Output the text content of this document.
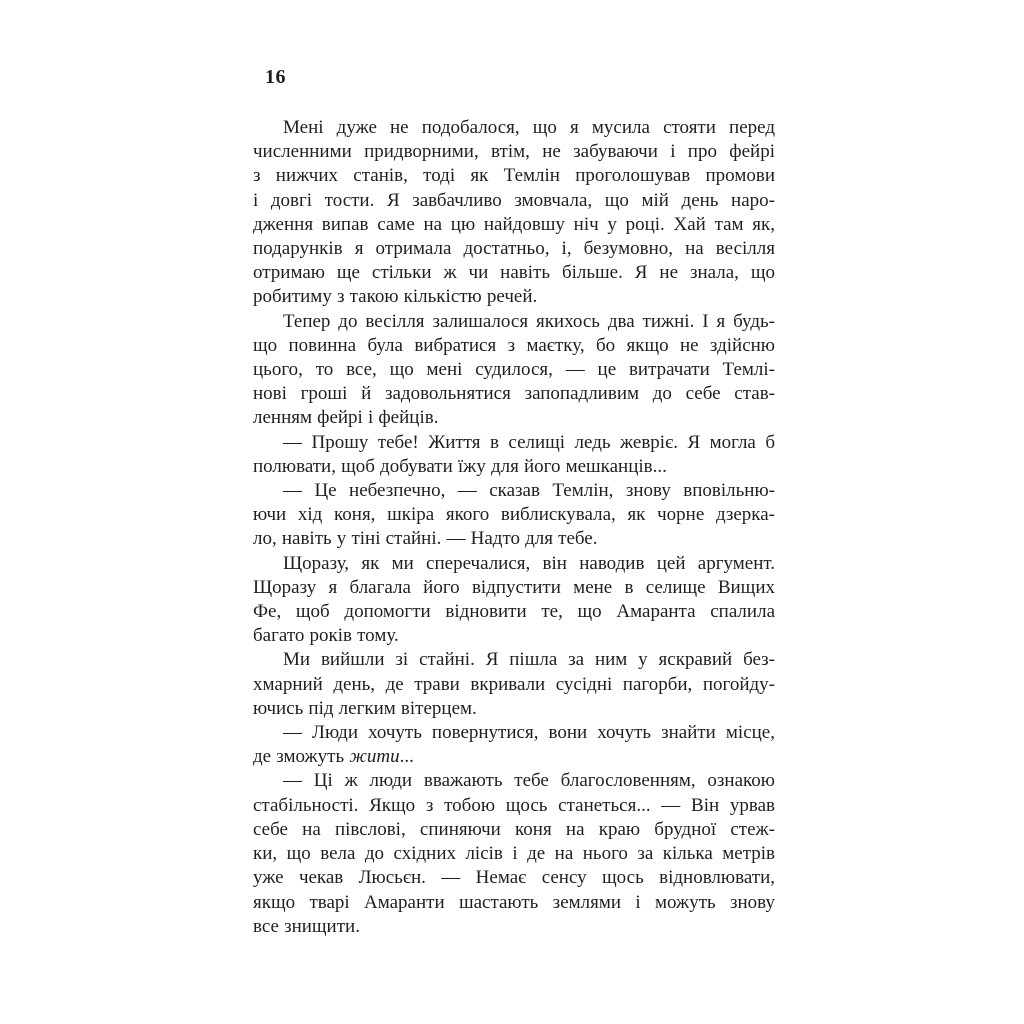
16
Мені дуже не подобалося, що я мусила стояти перед
численними придворними, втім, не забуваючи і про фейрі
з нижчих станів, тоді як Темлін проголошував промови
і довгі тости. Я завбачливо змовчала, що мій день наро-
дження випав саме на цю найдовшу ніч у році. Хай там як,
подарунків я отримала достатньо, і, безумовно, на весілля
отримаю ще стільки ж чи навіть більше. Я не знала, що
робитиму з такою кількістю речей.
Тепер до весілля залишалося якихось два тижні. І я будь-
що повинна була вибратися з маєтку, бо якщо не здійсню
цього, то все, що мені судилося, — це витрачати Темлі-
нові гроші й задовольнятися запопадливим до себе став-
ленням фейрі і фейців.
— Прошу тебе! Життя в селищі ледь жевріє. Я могла б
полювати, щоб добувати їжу для його мешканців...
— Це небезпечно, — сказав Темлін, знову вповільню-
ючи хід коня, шкіра якого виблискувала, як чорне дзерка-
ло, навіть у тіні стайні. — Надто для тебе.
Щоразу, як ми сперечалися, він наводив цей аргумент.
Щоразу я благала його відпустити мене в селище Вищих
Фе, щоб допомогти відновити те, що Амаранта спалила
багато років тому.
Ми вийшли зі стайні. Я пішла за ним у яскравий без-
хмарний день, де трави вкривали сусідні пагорби, погойду-
ючись під легким вітерцем.
— Люди хочуть повернутися, вони хочуть знайти місце,
де зможуть жити...
— Ці ж люди вважають тебе благословенням, ознакою
стабільності. Якщо з тобою щось станеться... — Він урвав
себе на півслові, спиняючи коня на краю брудної стеж-
ки, що вела до східних лісів і де на нього за кілька метрів
уже чекав Люсьєн. — Немає сенсу щось відновлювати,
якщо тварі Амаранти шастають землями і можуть знову
все знищити.
